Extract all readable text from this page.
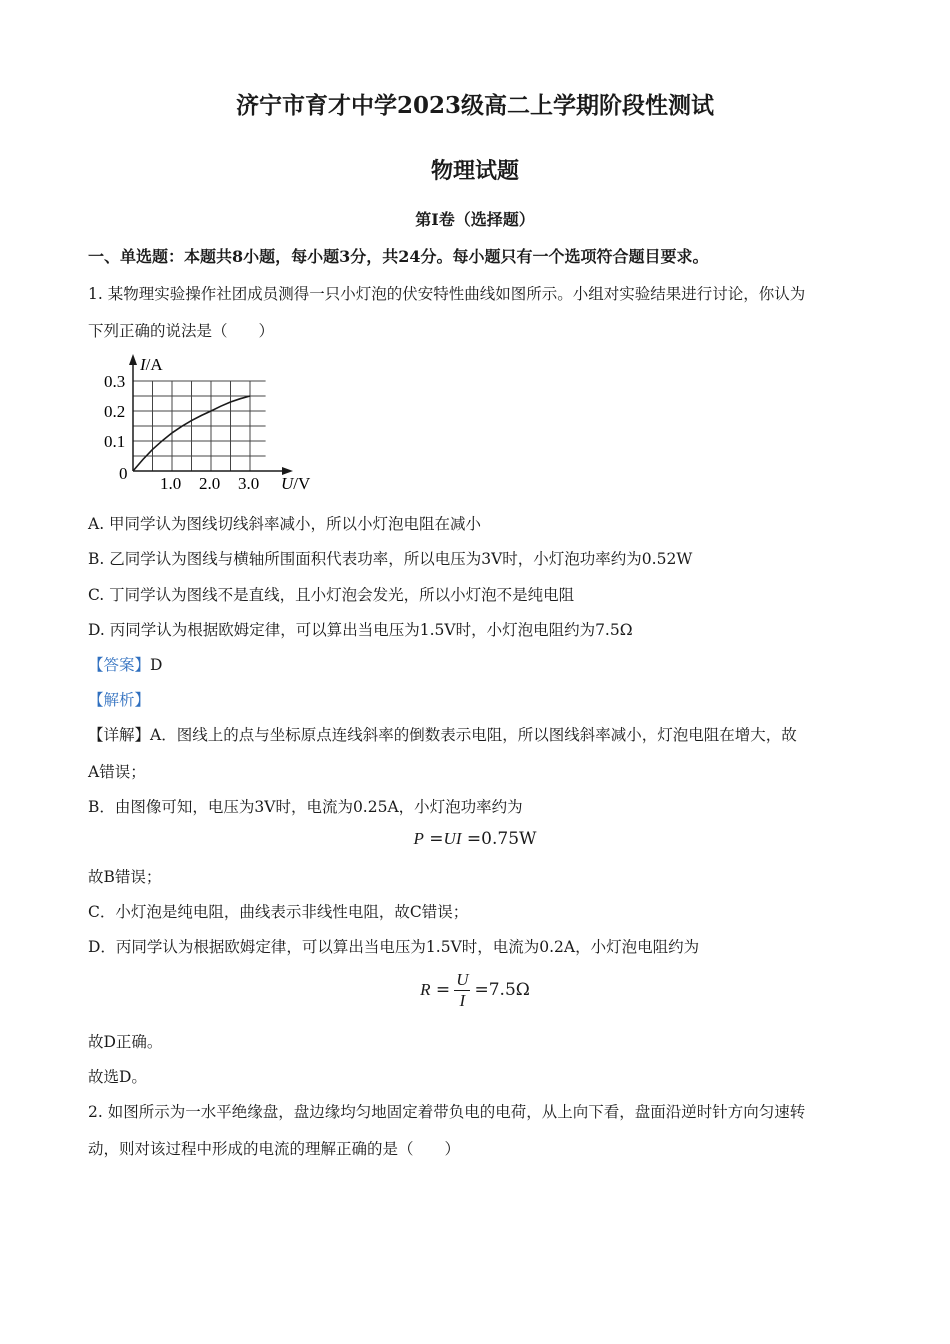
济宁市育才中学2023级高二上学期阶段性测试
物理试题
第I卷（选择题）
一、单选题：本题共8小题，每小题3分，共24分。每小题只有一个选项符合题目要求。
1. 某物理实验操作社团成员测得一只小灯泡的伏安特性曲线如图所示。小组对实验结果进行讨论，你认为
下列正确的说法是（　　）
I/A
U/V
0
1.0 2.0 3.0
0.1
0.2
0.3
A. 甲同学认为图线切线斜率减小，所以小灯泡电阻在减小
B. 乙同学认为图线与横轴所围面积代表功率，所以电压为3V时，小灯泡功率约为0.52W
C. 丁同学认为图线不是直线，且小灯泡会发光，所以小灯泡不是纯电阻
D. 丙同学认为根据欧姆定律，可以算出当电压为1.5V时，小灯泡电阻约为7.5Ω
【答案】D
【解析】
【详解】A．图线上的点与坐标原点连线斜率的倒数表示电阻，所以图线斜率减小，灯泡电阻在增大，故
A错误；
B．由图像可知，电压为3V时，电流为0.25A，小灯泡功率约为
P =UI =0.75W
故B错误；
C．小灯泡是纯电阻，曲线表示非线性电阻，故C错误；
D．丙同学认为根据欧姆定律，可以算出当电压为1.5V时，电流为0.2A，小灯泡电阻约为
$R = \frac{U}{I} =7.5\Omega$
故D正确。
故选D。
2. 如图所示为一水平绝缘盘，盘边缘均匀地固定着带负电的电荷，从上向下看，盘面沿逆时针方向匀速转
动，则对该过程中形成的电流的理解正确的是（　　）
